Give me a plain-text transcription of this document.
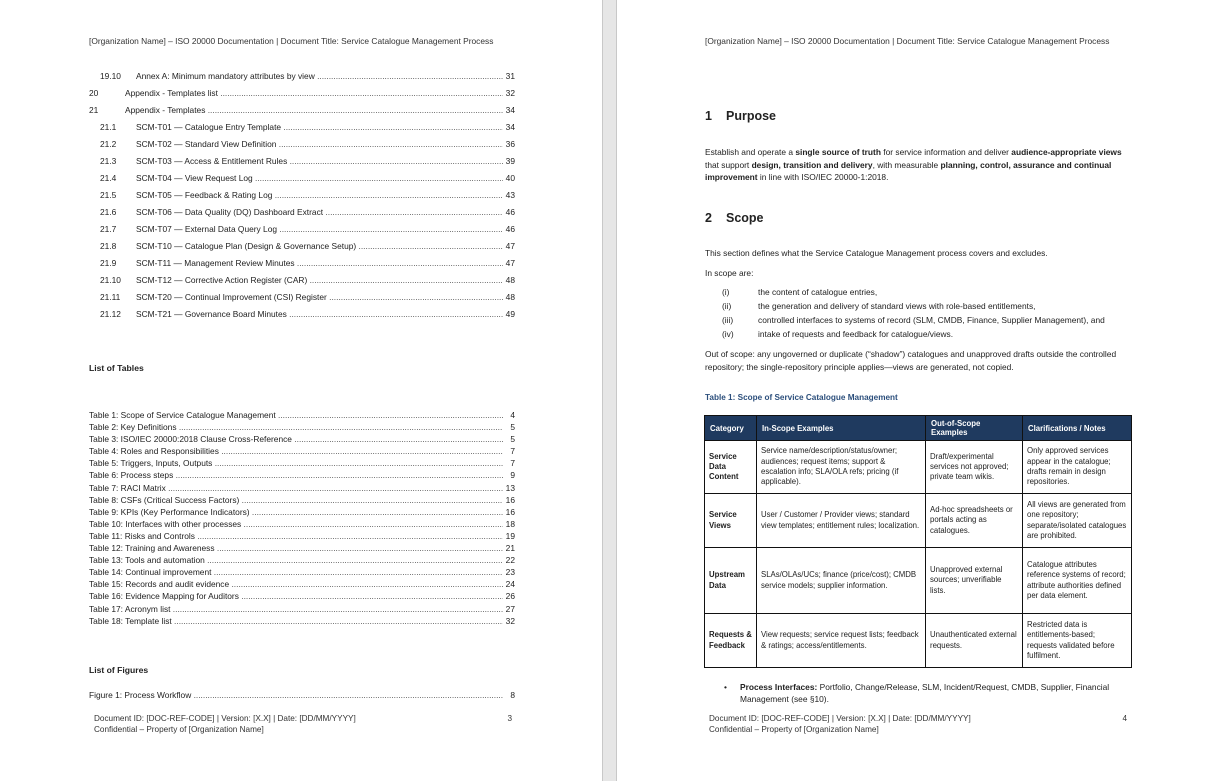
[Organization Name] – ISO 20000 Documentation | Document Title: Service Catalogue Management Process
19.10 Annex A: Minimum mandatory attributes by view .....	31
20	Appendix - Templates list .....	32
21	Appendix - Templates .....	34
21.1 SCM-T01 — Catalogue Entry Template .....	34
21.2 SCM-T02 — Standard View Definition .....	36
21.3 SCM-T03 — Access & Entitlement Rules .....	39
21.4 SCM-T04 — View Request Log .....	40
21.5 SCM-T05 — Feedback & Rating Log .....	43
21.6 SCM-T06 — Data Quality (DQ) Dashboard Extract .....	46
21.7 SCM-T07 — External Data Query Log .....	46
21.8 SCM-T10 — Catalogue Plan (Design & Governance Setup) .....	47
21.9 SCM-T11 — Management Review Minutes .....	47
21.10 SCM-T12 — Corrective Action Register (CAR) .....	48
21.11 SCM-T20 — Continual Improvement (CSI) Register .....	48
21.12 SCM-T21 — Governance Board Minutes .....	49
List of Tables
Table 1: Scope of Service Catalogue Management .....	4
Table 2: Key Definitions .....	5
Table 3: ISO/IEC 20000:2018 Clause Cross-Reference .....	5
Table 4: Roles and Responsibilities .....	7
Table 5: Triggers, Inputs, Outputs .....	7
Table 6: Process steps .....	9
Table 7: RACI Matrix .....	13
Table 8: CSFs (Critical Success Factors) .....	16
Table 9: KPIs (Key Performance Indicators) .....	16
Table 10: Interfaces with other processes .....	18
Table 11: Risks and Controls .....	19
Table 12: Training and Awareness .....	21
Table 13: Tools and automation .....	22
Table 14: Continual improvement .....	23
Table 15: Records and audit evidence .....	24
Table 16: Evidence Mapping for Auditors .....	26
Table 17: Acronym list .....	27
Table 18: Template list .....	32
List of Figures
Figure 1: Process Workflow .....	8
Document ID: [DOC-REF-CODE] | Version: [X.X] | Date: [DD/MM/YYYY]
Confidential – Property of [Organization Name]
3
[Organization Name] – ISO 20000 Documentation | Document Title: Service Catalogue Management Process
1 Purpose
Establish and operate a single source of truth for service information and deliver audience-appropriate views that support design, transition and delivery, with measurable planning, control, assurance and continual improvement in line with ISO/IEC 20000-1:2018.
2 Scope
This section defines what the Service Catalogue Management process covers and excludes.
In scope are:
(i)	the content of catalogue entries,
(ii)	the generation and delivery of standard views with role-based entitlements,
(iii)	controlled interfaces to systems of record (SLM, CMDB, Finance, Supplier Management), and
(iv)	intake of requests and feedback for catalogue/views.
Out of scope: any ungoverned or duplicate (“shadow”) catalogues and unapproved drafts outside the controlled repository; the single-repository principle applies—views are generated, not copied.
Table 1: Scope of Service Catalogue Management
Category	In-Scope Examples	Out-of-Scope Examples	Clarifications / Notes
Service Data Content	Service name/description/status/owner; audiences; request items; support & escalation info; SLA/OLA refs; pricing (if applicable).	Draft/experimental services not approved; private team wikis.	Only approved services appear in the catalogue; drafts remain in design repositories.
Service Views	User / Customer / Provider views; standard view templates; entitlement rules; localization.	Ad-hoc spreadsheets or portals acting as catalogues.	All views are generated from one repository; separate/isolated catalogues are prohibited.
Upstream Data	SLAs/OLAs/UCs; finance (price/cost); CMDB service models; supplier information.	Unapproved external sources; unverifiable lists.	Catalogue attributes reference systems of record; attribute authorities defined per data element.
Requests & Feedback	View requests; service request lists; feedback & ratings; access/entitlements.	Unauthenticated external requests.	Restricted data is entitlements-based; requests validated before fulfilment.
• Process Interfaces: Portfolio, Change/Release, SLM, Incident/Request, CMDB, Supplier, Financial Management (see §10).
Document ID: [DOC-REF-CODE] | Version: [X.X] | Date: [DD/MM/YYYY]
Confidential – Property of [Organization Name]
4
